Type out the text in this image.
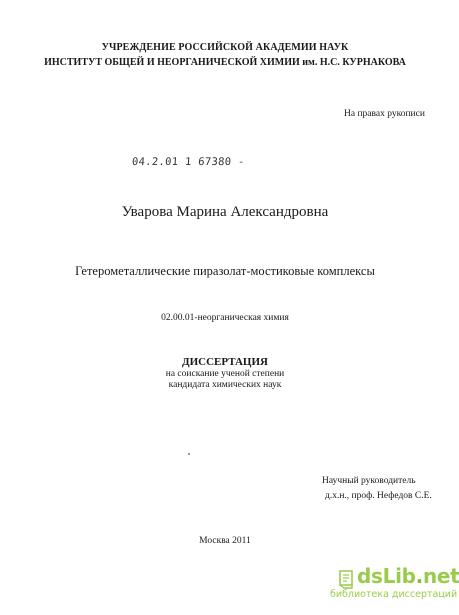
УЧРЕЖДЕНИЕ РОССИЙСКОЙ АКАДЕМИИ НАУК
ИНСТИТУТ ОБЩЕЙ И НЕОРГАНИЧЕСКОЙ ХИМИИ им. Н.С. КУРНАКОВА
На правах рукописи
04.2.01 1 67380 -
Уварова Марина Александровна
Гетерометаллические пиразолат-мостиковые комплексы
02.00.01-неорганическая химия
ДИССЕРТАЦИЯ
на соискание ученой степени
кандидата химических наук
Научный руководитель
д.х.н., проф. Нефедов С.Е.
Москва 2011
dsLib.net
библиотека диссертаций
